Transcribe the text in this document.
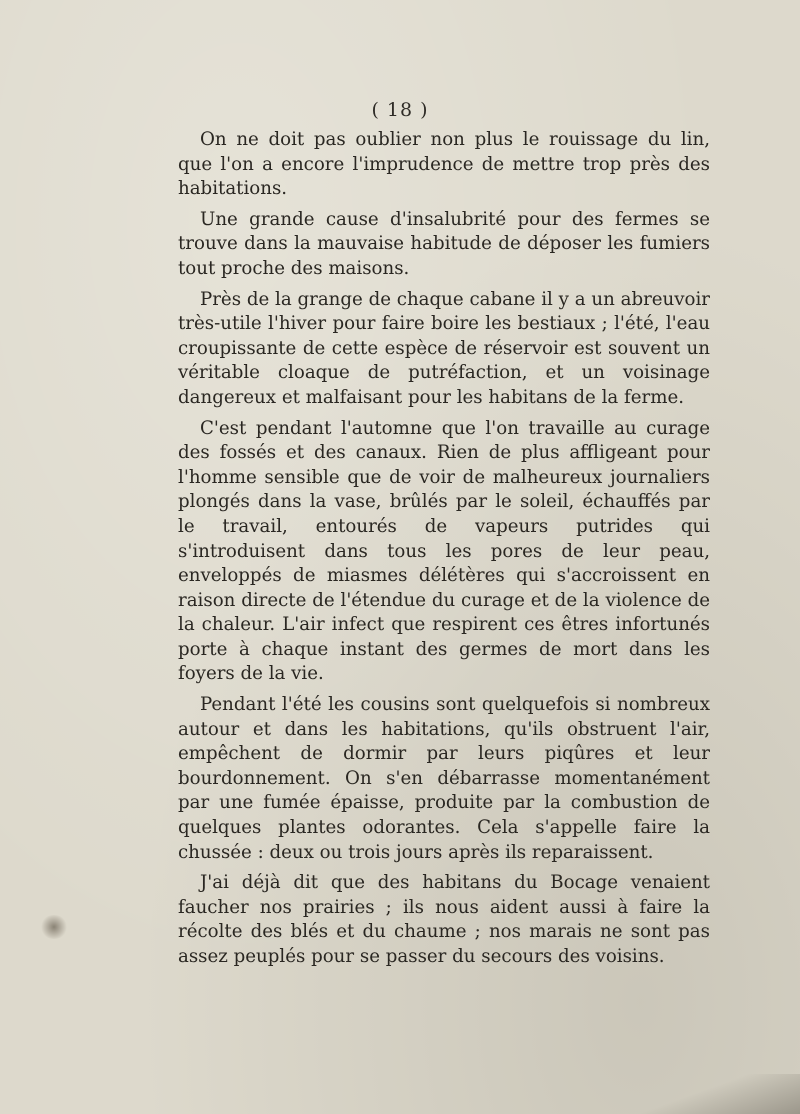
( 18 )

On ne doit pas oublier non plus le rouissage du lin, que l'on a encore l'imprudence de mettre trop près des habitations.

Une grande cause d'insalubrité pour des fermes se trouve dans la mauvaise habitude de déposer les fumiers tout proche des maisons.

Près de la grange de chaque cabane il y a un abreuvoir très-utile l'hiver pour faire boire les bestiaux ; l'été, l'eau croupissante de cette espèce de réservoir est souvent un véritable cloaque de putréfaction, et un voisinage dangereux et malfaisant pour les habitans de la ferme.

C'est pendant l'automne que l'on travaille au curage des fossés et des canaux. Rien de plus affligeant pour l'homme sensible que de voir de malheureux journaliers plongés dans la vase, brûlés par le soleil, échauffés par le travail, entourés de vapeurs putrides qui s'introduisent dans tous les pores de leur peau, enveloppés de miasmes délétères qui s'accroissent en raison directe de l'étendue du curage et de la violence de la chaleur. L'air infect que respirent ces êtres infortunés porte à chaque instant des germes de mort dans les foyers de la vie.

Pendant l'été les cousins sont quelquefois si nombreux autour et dans les habitations, qu'ils obstruent l'air, empêchent de dormir par leurs piqûres et leur bourdonnement. On s'en débarrasse momentanément par une fumée épaisse, produite par la combustion de quelques plantes odorantes. Cela s'appelle faire la chussée : deux ou trois jours après ils reparaissent.

J'ai déjà dit que des habitans du Bocage venaient faucher nos prairies ; ils nous aident aussi à faire la récolte des blés et du chaume ; nos marais ne sont pas assez peuplés pour se passer du secours des voisins.
